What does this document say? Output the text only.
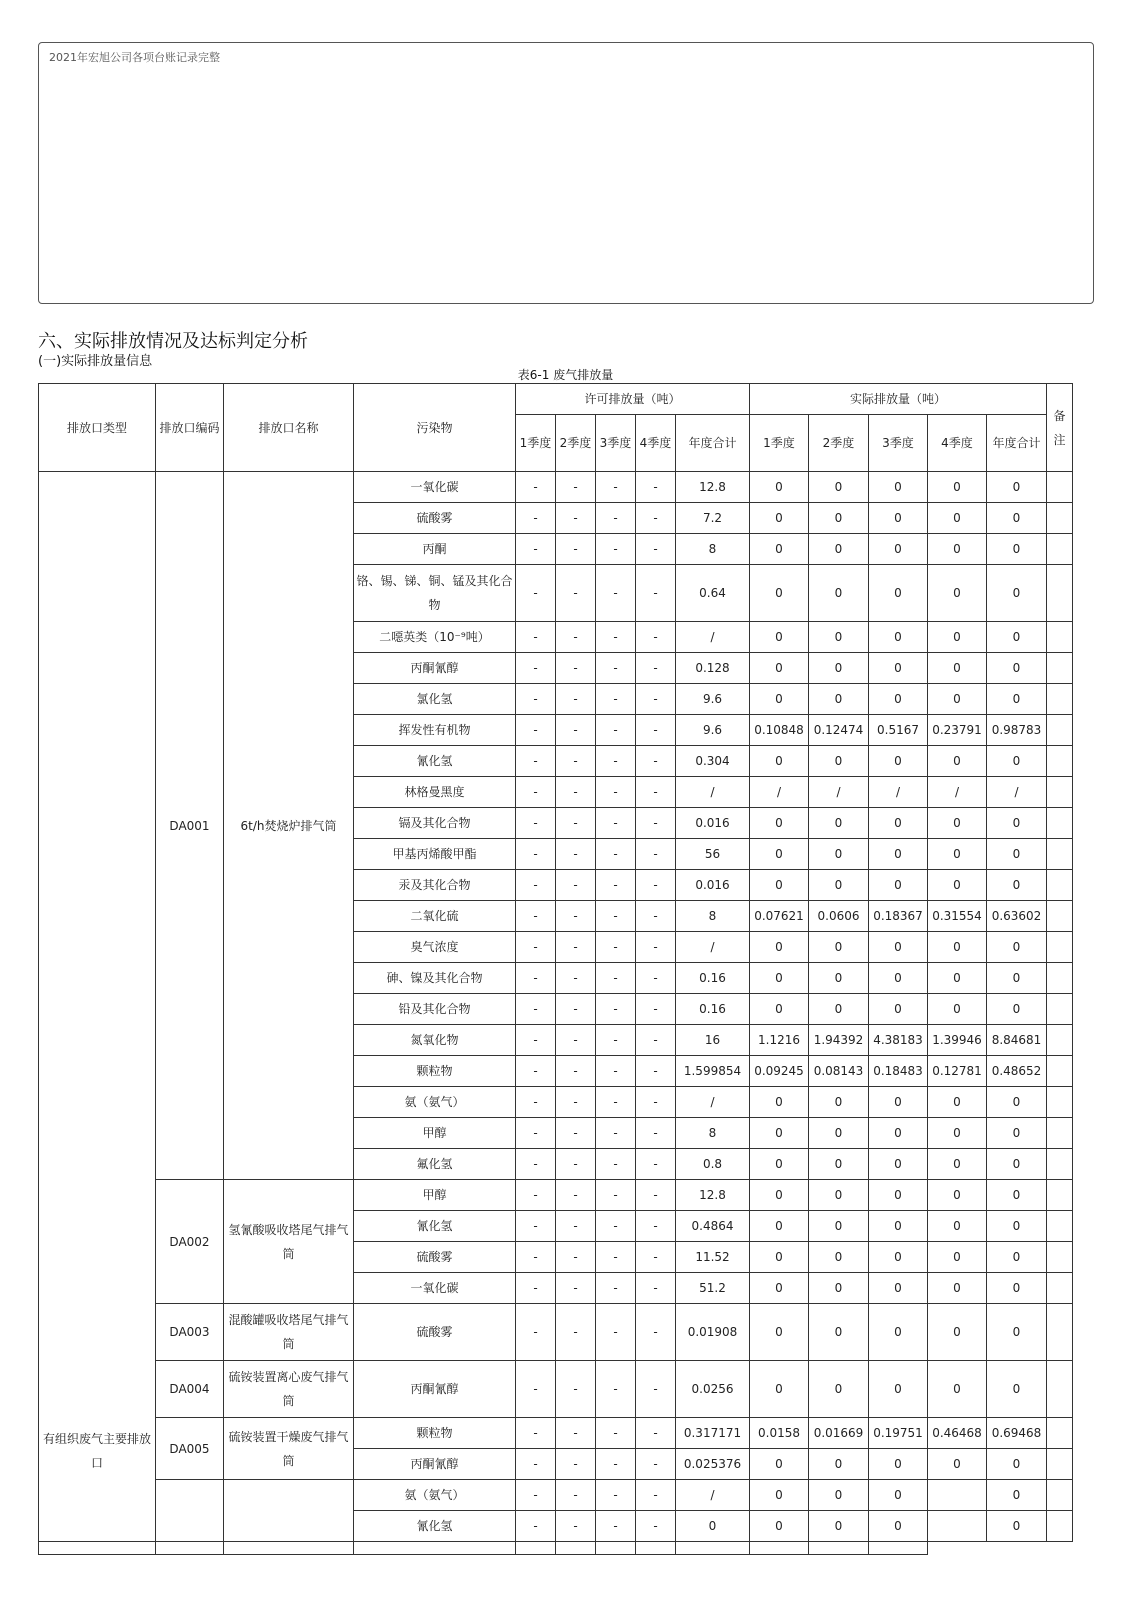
2021年宏旭公司各项台账记录完整
六、实际排放情况及达标判定分析
(一)实际排放量信息
表6-1 废气排放量
排放口类型	排放口编码	排放口名称	污染物	许可排放量（吨）					实际排放量（吨）					备注
				1季度	2季度	3季度	4季度	年度合计	1季度	2季度	3季度	4季度	年度合计	
有组织废气主要排放口	DA001	6t/h焚烧炉排气筒	一氧化碳	-	-	-	-	12.8	0	0	0	0	0	
			硫酸雾	-	-	-	-	7.2	0	0	0	0	0	
			丙酮	-	-	-	-	8	0	0	0	0	0	
			铬、锡、锑、铜、锰及其化合物	-	-	-	-	0.64	0	0	0	0	0	
			二噁英类（10⁻⁹吨）	-	-	-	-	/	0	0	0	0	0	
			丙酮氰醇	-	-	-	-	0.128	0	0	0	0	0	
			氯化氢	-	-	-	-	9.6	0	0	0	0	0	
			挥发性有机物	-	-	-	-	9.6	0.10848	0.12474	0.5167	0.23791	0.98783	
			氰化氢	-	-	-	-	0.304	0	0	0	0	0	
			林格曼黑度	-	-	-	-	/	/	/	/	/	/	
			镉及其化合物	-	-	-	-	0.016	0	0	0	0	0	
			甲基丙烯酸甲酯	-	-	-	-	56	0	0	0	0	0	
			汞及其化合物	-	-	-	-	0.016	0	0	0	0	0	
			二氧化硫	-	-	-	-	8	0.07621	0.0606	0.18367	0.31554	0.63602	
			臭气浓度	-	-	-	-	/	0	0	0	0	0	
			砷、镍及其化合物	-	-	-	-	0.16	0	0	0	0	0	
			铅及其化合物	-	-	-	-	0.16	0	0	0	0	0	
			氮氧化物	-	-	-	-	16	1.1216	1.94392	4.38183	1.39946	8.84681	
			颗粒物	-	-	-	-	1.599854	0.09245	0.08143	0.18483	0.12781	0.48652	
			氨（氨气）	-	-	-	-	/	0	0	0	0	0	
			甲醇	-	-	-	-	8	0	0	0	0	0	
			氟化氢	-	-	-	-	0.8	0	0	0	0	0	
	DA002	氢氰酸吸收塔尾气排气筒	甲醇	-	-	-	-	12.8	0	0	0	0	0	
			氰化氢	-	-	-	-	0.4864	0	0	0	0	0	
			硫酸雾	-	-	-	-	11.52	0	0	0	0	0	
			一氧化碳	-	-	-	-	51.2	0	0	0	0	0	
	DA003	混酸罐吸收塔尾气排气筒	硫酸雾	-	-	-	-	0.01908	0	0	0	0	0	
	DA004	硫铵装置离心废气排气筒	丙酮氰醇	-	-	-	-	0.0256	0	0	0	0	0	
	DA005	硫铵装置干燥废气排气筒	颗粒物	-	-	-	-	0.317171	0.0158	0.01669	0.19751	0.46468	0.69468	
			丙酮氰醇	-	-	-	-	0.025376	0	0	0	0	0	
			氨（氨气）	-	-	-	-	/	0	0	0		0	
			氰化氢	-	-	-	-	0	0	0	0		0	
